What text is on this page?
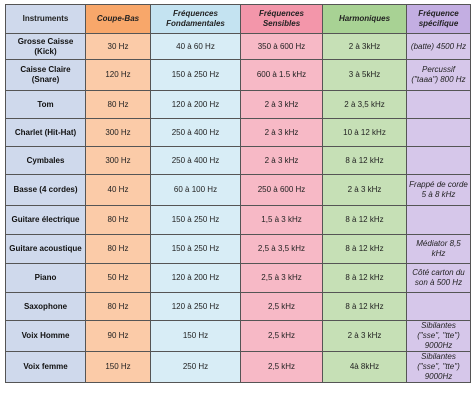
Instruments	Coupe-Bas	Fréquences Fondamentales	Fréquences Sensibles	Harmoniques	Fréquence spécifique
Grosse Caisse (Kick)	30 Hz	40 à 60 Hz	350 à 600 Hz	2 à 3kHz	(batte) 4500 Hz
Caisse Claire (Snare)	120 Hz	150 à 250 Hz	600 à 1.5 kHz	3 à 5kHz	Percussif ("taaa") 800 Hz
Tom	80 Hz	120 à 200 Hz	2 à 3 kHz	2 à 3,5 kHz	
Charlet (Hit-Hat)	300 Hz	250 à 400 Hz	2 à 3 kHz	10 à 12 kHz	
Cymbales	300 Hz	250 à 400 Hz	2 à 3 kHz	8 à 12 kHz	
Basse (4 cordes)	40 Hz	60 à 100 Hz	250 à 600 Hz	2 à 3 kHz	Frappé de corde 5 à 8 kHz
Guitare électrique	80 Hz	150 à 250 Hz	1,5 à 3 kHz	8 à 12 kHz	
Guitare acoustique	80 Hz	150 à 250 Hz	2,5 à 3,5 kHz	8 à 12 kHz	Médiator 8,5 kHz
Piano	50 Hz	120 à 200 Hz	2,5 à 3 kHz	8 à 12 kHz	Côté carton du son à 500 Hz
Saxophone	80 Hz	120 à 250 Hz	2,5 kHz	8 à 12 kHz	
Voix Homme	90 Hz	150 Hz	2,5 kHz	2 à 3 kHz	Sibilantes ("sse", "tte") 9000Hz
Voix femme	150 Hz	250 Hz	2,5 kHz	4à 8kHz	Sibilantes ("sse", "tte") 9000Hz
